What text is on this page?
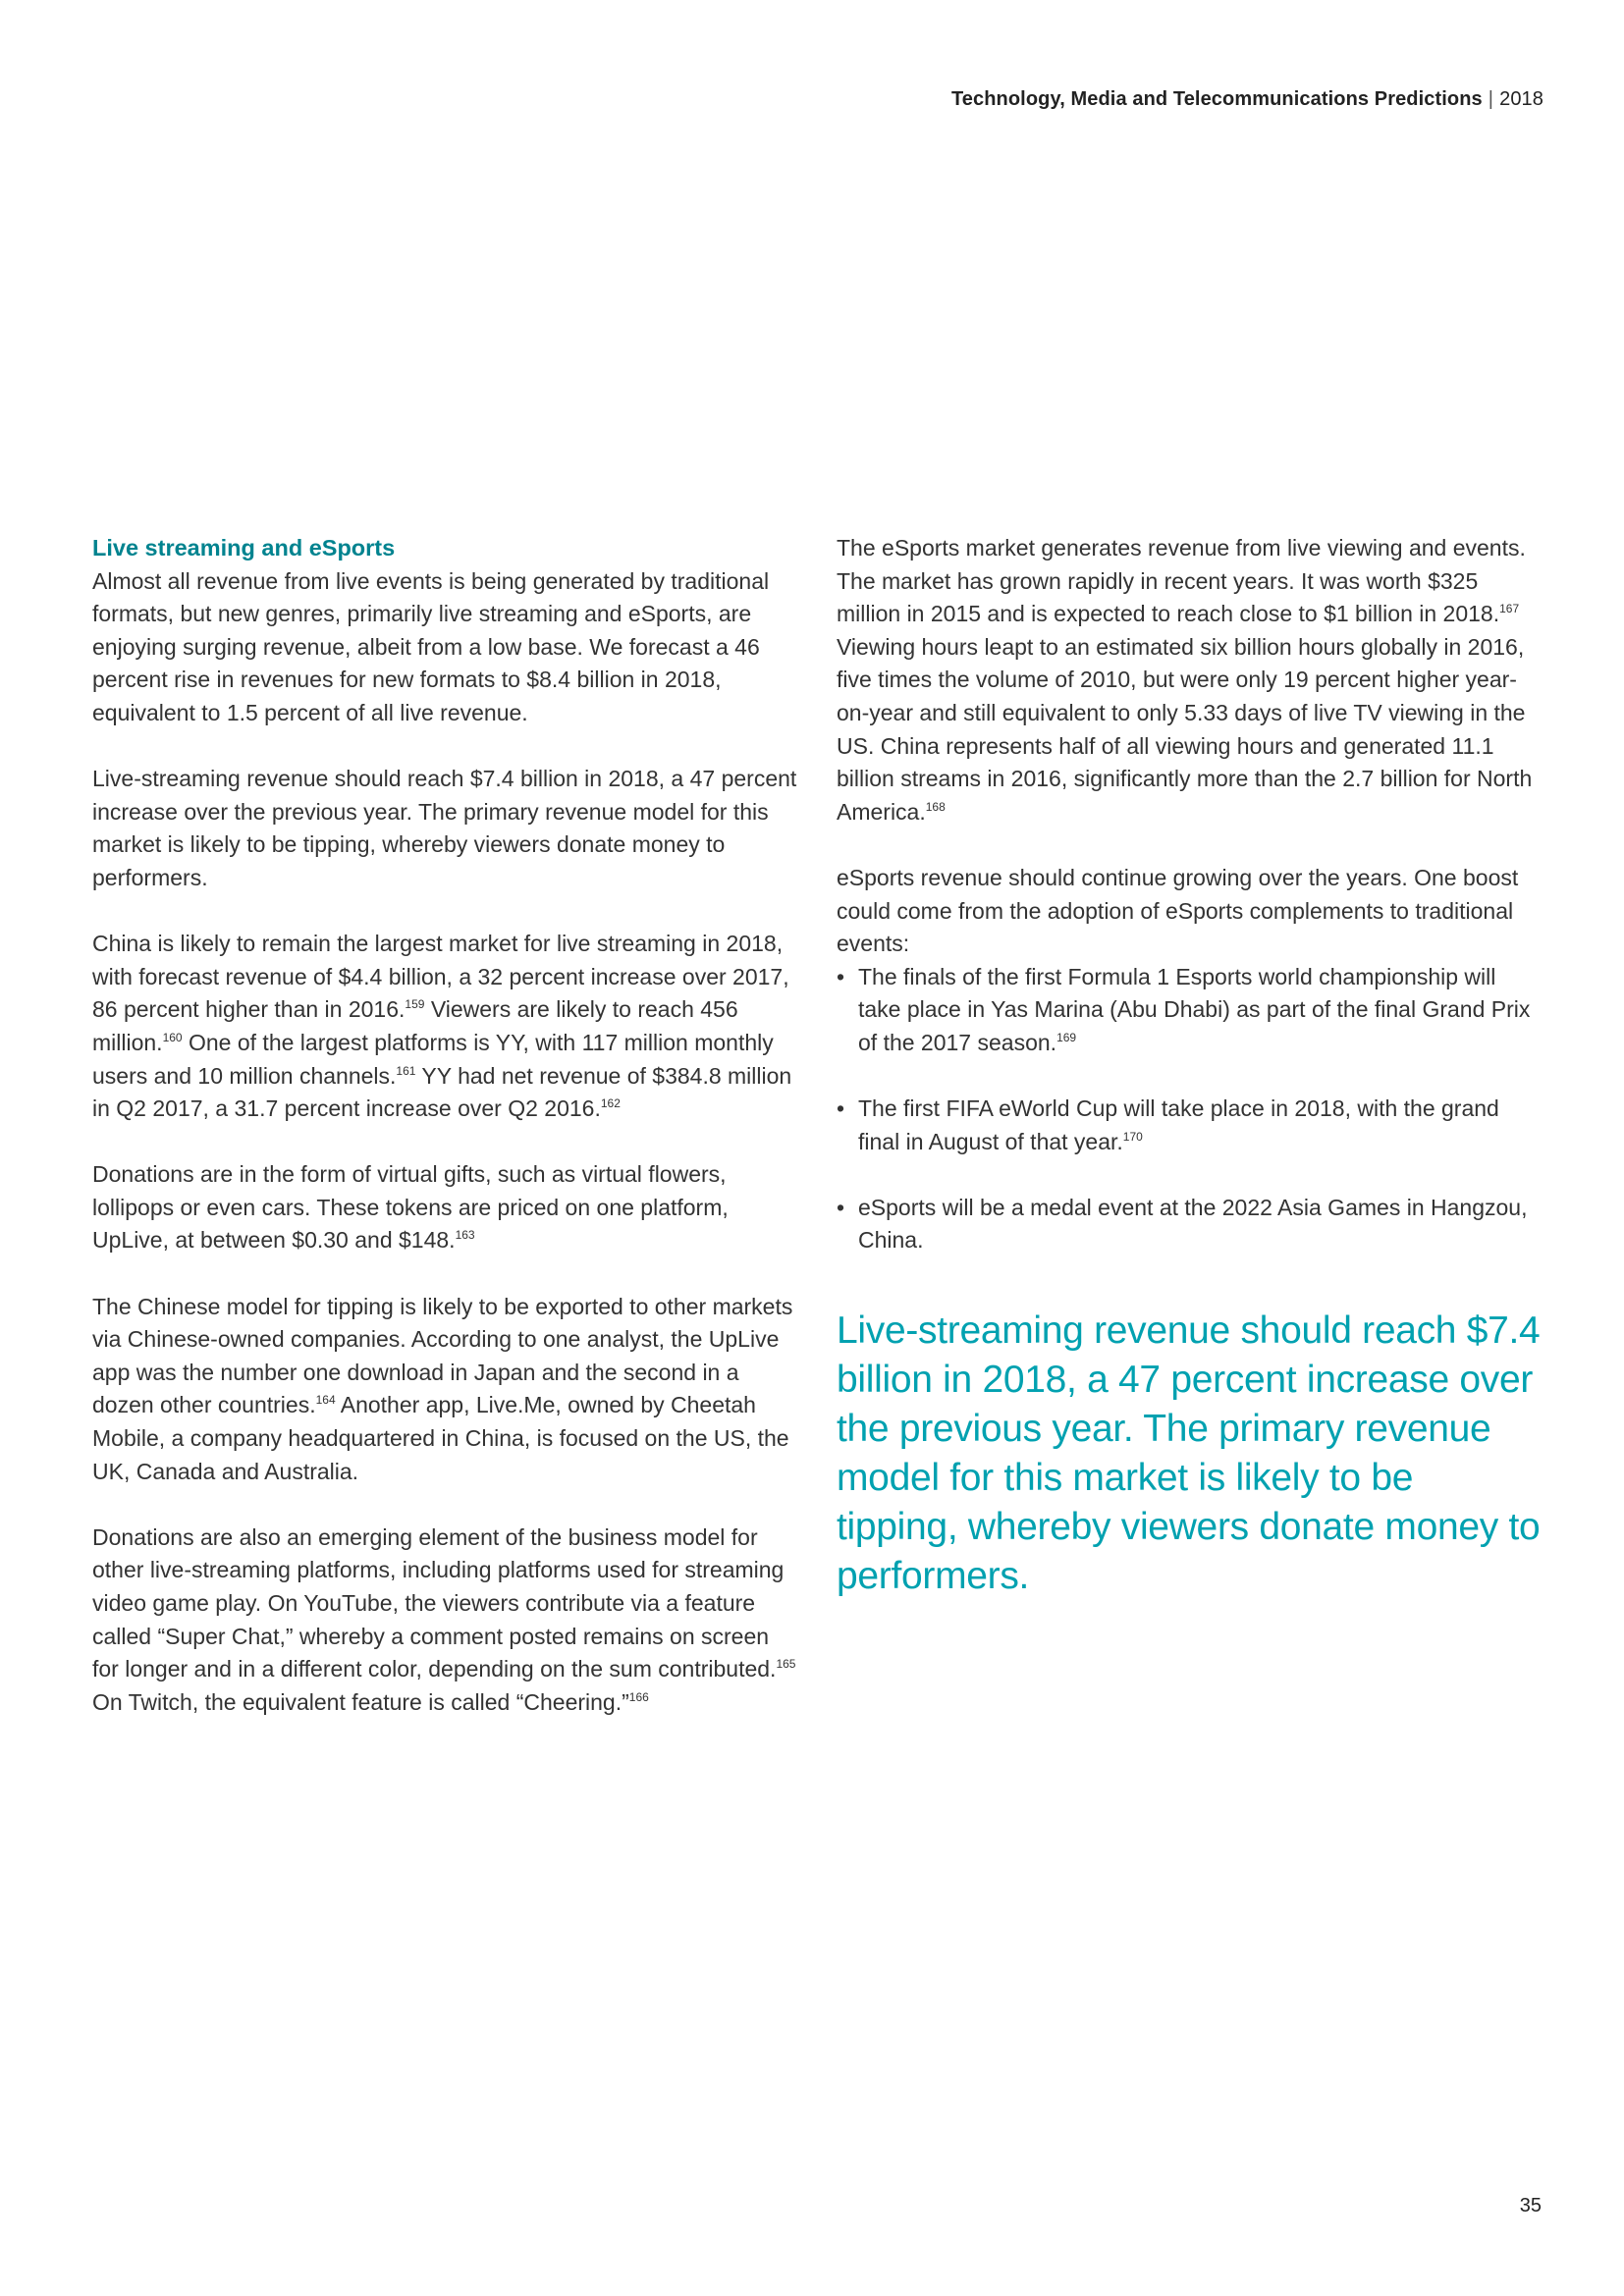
Technology, Media and Telecommunications Predictions | 2018
Live streaming and eSports

Almost all revenue from live events is being generated by traditional formats, but new genres, primarily live streaming and eSports, are enjoying surging revenue, albeit from a low base. We forecast a 46 percent rise in revenues for new formats to $8.4 billion in 2018, equivalent to 1.5 percent of all live revenue.

Live-streaming revenue should reach $7.4 billion in 2018, a 47 percent increase over the previous year. The primary revenue model for this market is likely to be tipping, whereby viewers donate money to performers.

China is likely to remain the largest market for live streaming in 2018, with forecast revenue of $4.4 billion, a 32 percent increase over 2017, 86 percent higher than in 2016.$^{159}$ Viewers are likely to reach 456 million.$^{160}$ One of the largest platforms is YY, with 117 million monthly users and 10 million channels.$^{161}$ YY had net revenue of $384.8 million in Q2 2017, a 31.7 percent increase over Q2 2016.$^{162}$

Donations are in the form of virtual gifts, such as virtual flowers, lollipops or even cars. These tokens are priced on one platform, UpLive, at between $0.30 and $148.$^{163}$

The Chinese model for tipping is likely to be exported to other markets via Chinese-owned companies. According to one analyst, the UpLive app was the number one download in Japan and the second in a dozen other countries.$^{164}$ Another app, Live.Me, owned by Cheetah Mobile, a company headquartered in China, is focused on the US, the UK, Canada and Australia.

Donations are also an emerging element of the business model for other live-streaming platforms, including platforms used for streaming video game play. On YouTube, the viewers contribute via a feature called “Super Chat,” whereby a comment posted remains on screen for longer and in a different color, depending on the sum contributed.$^{165}$ On Twitch, the equivalent feature is called “Cheering.”$^{166}$

The eSports market generates revenue from live viewing and events. The market has grown rapidly in recent years. It was worth $325 million in 2015 and is expected to reach close to $1 billion in 2018.$^{167}$ Viewing hours leapt to an estimated six billion hours globally in 2016, five times the volume of 2010, but were only 19 percent higher year-on-year and still equivalent to only 5.33 days of live TV viewing in the US. China represents half of all viewing hours and generated 11.1 billion streams in 2016, significantly more than the 2.7 billion for North America.$^{168}$

eSports revenue should continue growing over the years. One boost could come from the adoption of eSports complements to traditional events:

• The finals of the first Formula 1 Esports world championship will take place in Yas Marina (Abu Dhabi) as part of the final Grand Prix of the 2017 season.$^{169}$
• The first FIFA eWorld Cup will take place in 2018, with the grand final in August of that year.$^{170}$
• eSports will be a medal event at the 2022 Asia Games in Hangzou, China.
Live-streaming revenue should reach $7.4 billion in 2018, a 47 percent increase over the previous year. The primary revenue model for this market is likely to be tipping, whereby viewers donate money to performers.
35
